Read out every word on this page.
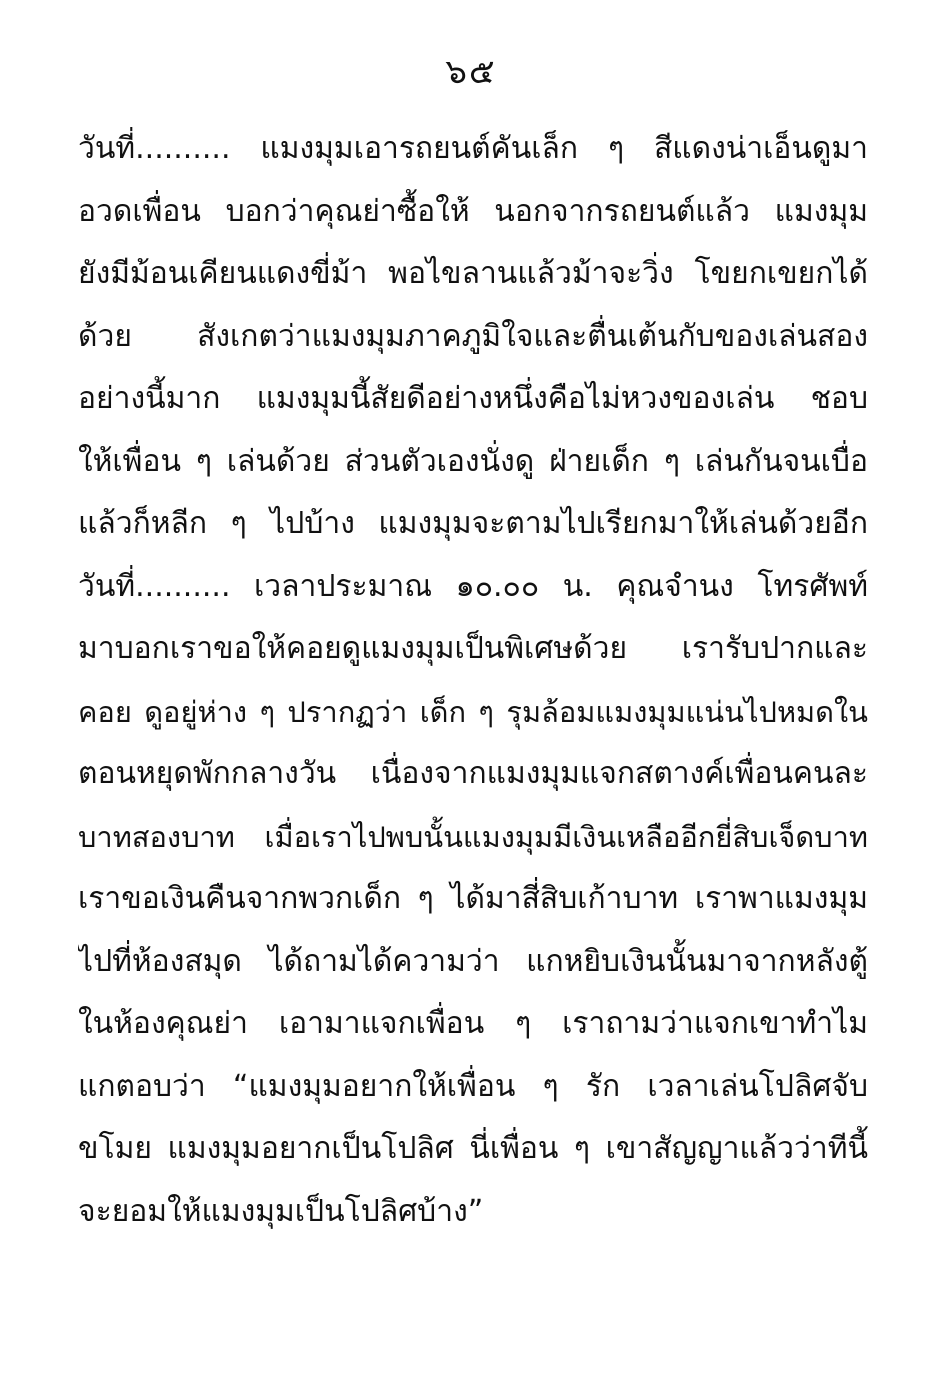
๖๕
วันที่.......... แมงมุมเอารถยนต์คันเล็ก ๆ สีแดงน่าเอ็นดูมา
อวดเพื่อน บอกว่าคุณย่าซื้อให้ นอกจากรถยนต์แล้ว แมงมุม
ยังมีม้อนเคียนแดงขี่ม้า พอไขลานแล้วม้าจะวิ่ง โขยกเขยกได้
ด้วย สังเกตว่าแมงมุมภาคภูมิใจและตื่นเต้นกับของเล่นสอง
อย่างนี้มาก แมงมุมนี้สัยดีอย่างหนึ่งคือไม่หวงของเล่น ชอบ
ให้เพื่อน ๆ เล่นด้วย ส่วนตัวเองนั่งดู ฝ่ายเด็ก ๆ เล่นกันจนเบื่อ
แล้วก็หลีก ๆ ไปบ้าง แมงมุมจะตามไปเรียกมาให้เล่นด้วยอีก
วันที่.......... เวลาประมาณ ๑๐.๐๐ น. คุณจำนง โทรศัพท์
มาบอกเราขอให้คอยดูแมงมุมเป็นพิเศษด้วย เรารับปากและ
คอย ดูอยู่ห่าง ๆ ปรากฏว่า เด็ก ๆ รุมล้อมแมงมุมแน่นไปหมดใน
ตอนหยุดพักกลางวัน เนื่องจากแมงมุมแจกสตางค์เพื่อนคนละ
บาทสองบาท เมื่อเราไปพบนั้นแมงมุมมีเงินเหลืออีกยี่สิบเจ็ดบาท
เราขอเงินคืนจากพวกเด็ก ๆ ได้มาสี่สิบเก้าบาท เราพาแมงมุม
ไปที่ห้องสมุด ได้ถามได้ความว่า แกหยิบเงินนั้นมาจากหลังตู้
ในห้องคุณย่า เอามาแจกเพื่อน ๆ เราถามว่าแจกเขาทำไม
แกตอบว่า “แมงมุมอยากให้เพื่อน ๆ รัก เวลาเล่นโปลิศจับ
ขโมย แมงมุมอยากเป็นโปลิศ นี่เพื่อน ๆ เขาสัญญาแล้วว่าทีนี้
จะยอมให้แมงมุมเป็นโปลิศบ้าง”
